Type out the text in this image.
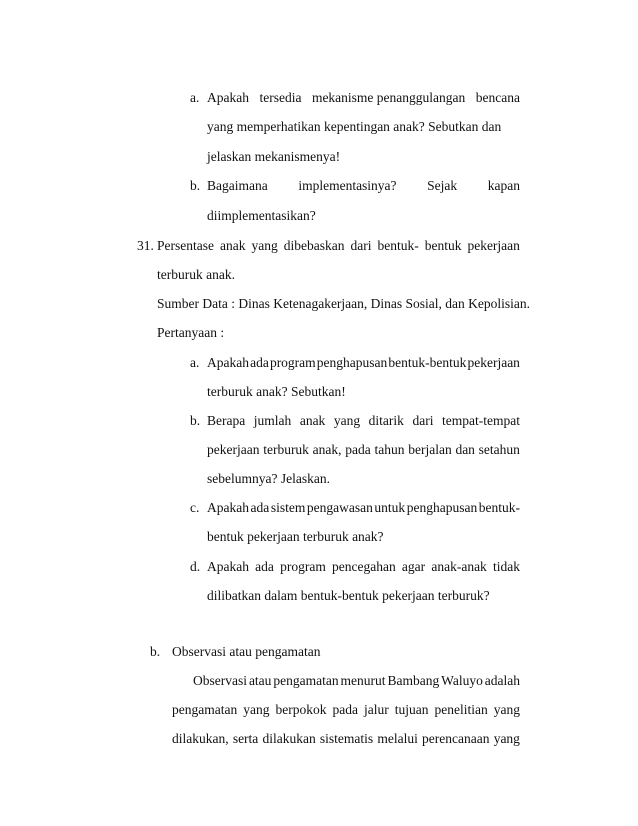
a. Apakah tersedia mekanisme penanggulangan bencana
yang memperhatikan kepentingan anak? Sebutkan dan
jelaskan mekanismenya!
b. Bagaimana implementasinya? Sejak kapan
diimplementasikan?
31. Persentase anak yang dibebaskan dari bentuk- bentuk pekerjaan
terburuk anak.
Sumber Data : Dinas Ketenagakerjaan, Dinas Sosial, dan Kepolisian.
Pertanyaan :
a. Apakah ada program penghapusan bentuk-bentuk pekerjaan
terburuk anak? Sebutkan!
b. Berapa jumlah anak yang ditarik dari tempat-tempat
pekerjaan terburuk anak, pada tahun berjalan dan setahun
sebelumnya? Jelaskan.
c. Apakah ada sistem pengawasan untuk penghapusan bentuk-
bentuk pekerjaan terburuk anak?
d. Apakah ada program pencegahan agar anak-anak tidak
dilibatkan dalam bentuk-bentuk pekerjaan terburuk?
b. Observasi atau pengamatan
Observasi atau pengamatan menurut Bambang Waluyo adalah
pengamatan yang berpokok pada jalur tujuan penelitian yang
dilakukan, serta dilakukan sistematis melalui perencanaan yang
